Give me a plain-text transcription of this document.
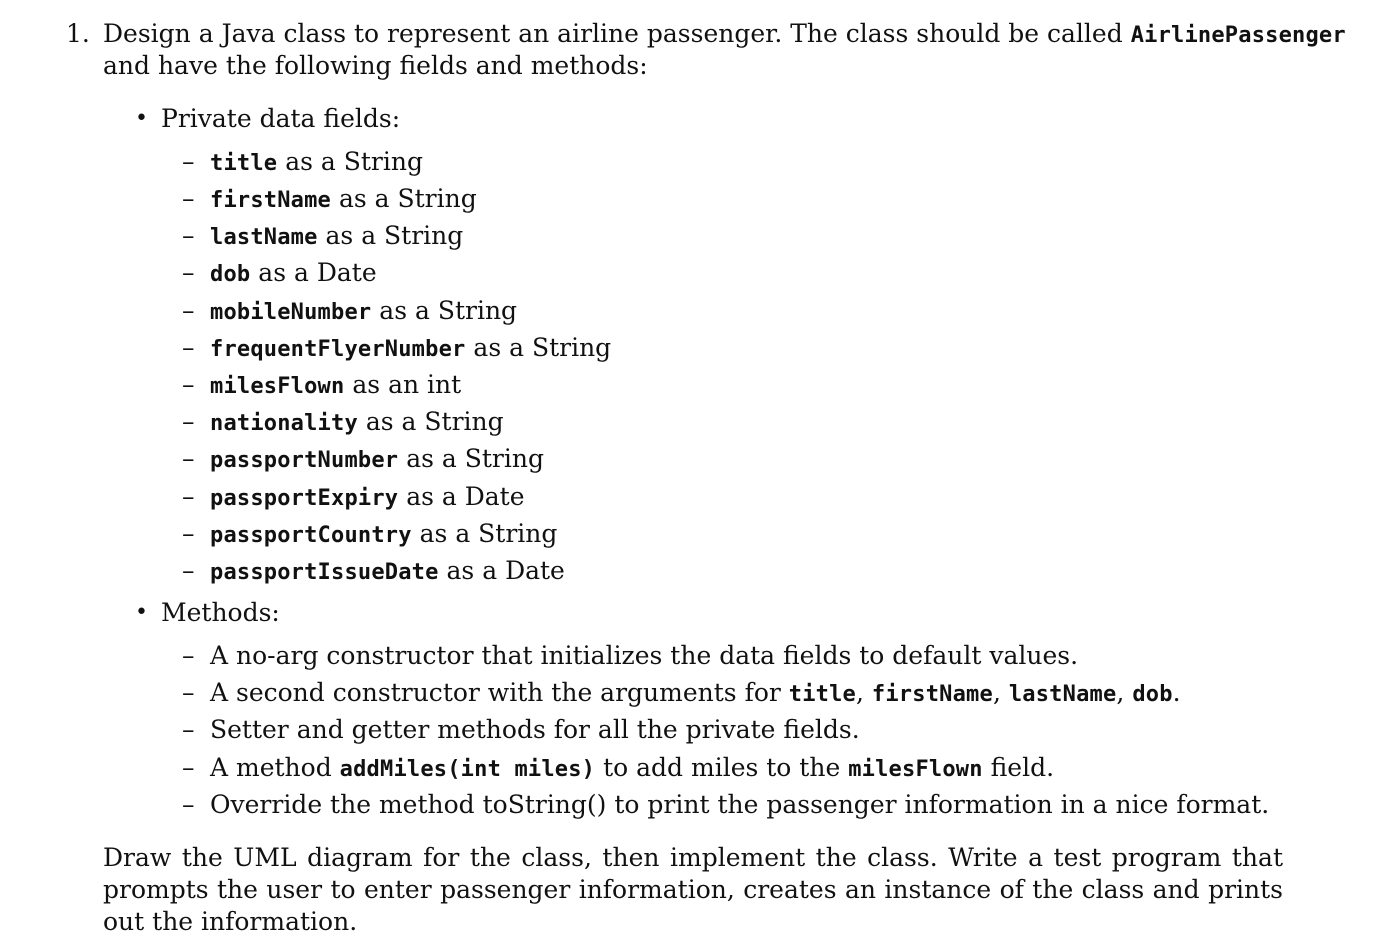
1. Design a Java class to represent an airline passenger. The class should be called AirlinePassenger
and have the following fields and methods:
• Private data fields:
– title as a String
– firstName as a String
– lastName as a String
– dob as a Date
– mobileNumber as a String
– frequentFlyerNumber as a String
– milesFlown as an int
– nationality as a String
– passportNumber as a String
– passportExpiry as a Date
– passportCountry as a String
– passportIssueDate as a Date
• Methods:
– A no-arg constructor that initializes the data fields to default values.
– A second constructor with the arguments for title, firstName, lastName, dob.
– Setter and getter methods for all the private fields.
– A method addMiles(int miles) to add miles to the milesFlown field.
– Override the method toString() to print the passenger information in a nice format.
Draw the UML diagram for the class, then implement the class. Write a test program that prompts the user to enter passenger information, creates an instance of the class and prints out the information.
